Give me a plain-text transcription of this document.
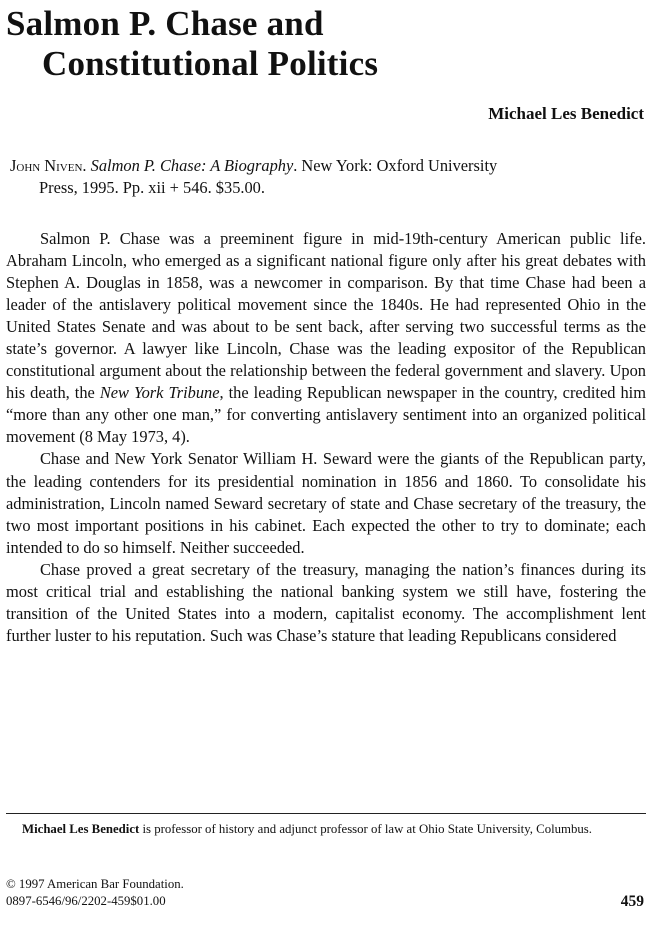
Salmon P. Chase and
Constitutional Politics
Michael Les Benedict
John Niven. Salmon P. Chase: A Biography. New York: Oxford University
Press, 1995. Pp. xii + 546. $35.00.

Salmon P. Chase was a preeminent figure in mid-19th-century American public life. Abraham Lincoln, who emerged as a significant national figure only after his great debates with Stephen A. Douglas in 1858, was a newcomer in comparison. By that time Chase had been a leader of the antislavery political movement since the 1840s. He had represented Ohio in the United States Senate and was about to be sent back, after serving two successful terms as the state’s governor. A lawyer like Lincoln, Chase was the leading expositor of the Republican constitutional argument about the relationship between the federal government and slavery. Upon his death, the New York Tribune, the leading Republican newspaper in the country, credited him “more than any other one man,” for converting antislavery sentiment into an organized political movement (8 May 1973, 4).

Chase and New York Senator William H. Seward were the giants of the Republican party, the leading contenders for its presidential nomination in 1856 and 1860. To consolidate his administration, Lincoln named Seward secretary of state and Chase secretary of the treasury, the two most important positions in his cabinet. Each expected the other to try to dominate; each intended to do so himself. Neither succeeded.

Chase proved a great secretary of the treasury, managing the nation’s finances during its most critical trial and establishing the national banking system we still have, fostering the transition of the United States into a modern, capitalist economy. The accomplishment lent further luster to his reputation. Such was Chase’s stature that leading Republicans considered

Michael Les Benedict is professor of history and adjunct professor of law at Ohio State University, Columbus.

© 1997 American Bar Foundation.
0897-6546/96/2202-459$01.00	459
